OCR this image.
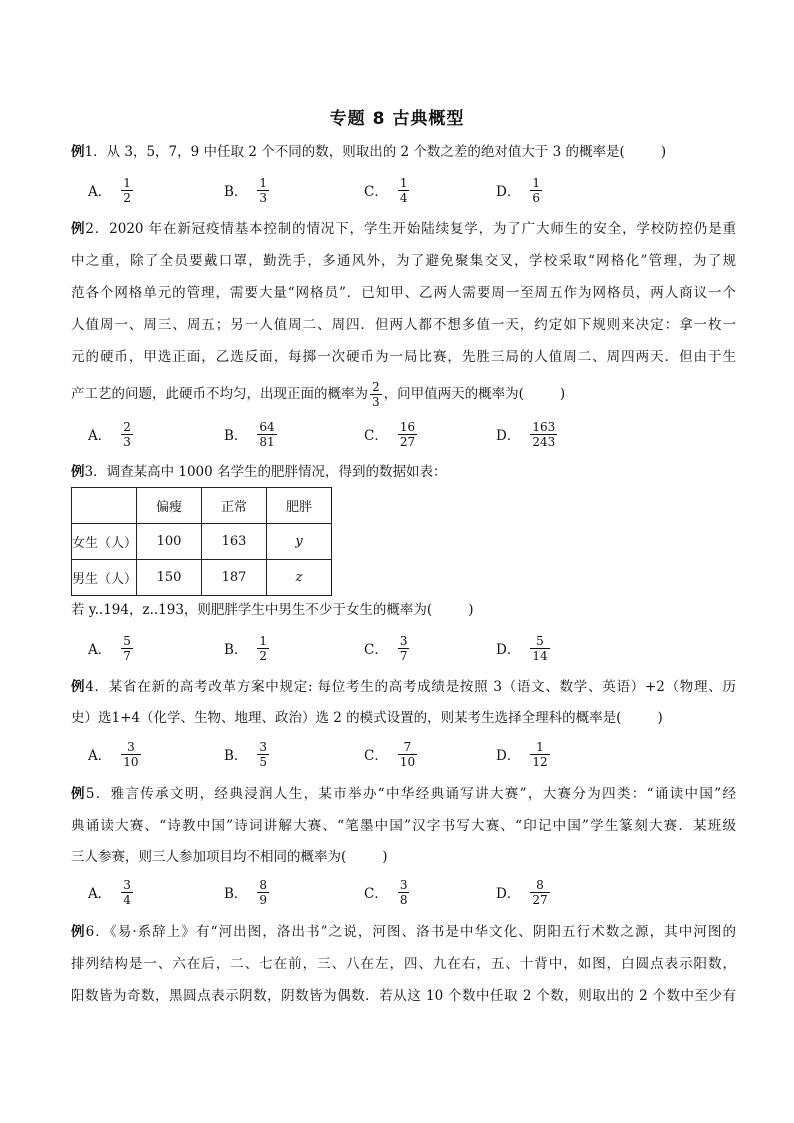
专题 8 古典概型
例1．从 3，5，7，9 中任取 2 个不同的数，则取出的 2 个数之差的绝对值大于 3 的概率是(	)
A． $\frac{1}{2}$	B． $\frac{1}{3}$	C． $\frac{1}{4}$	D． $\frac{1}{6}$
例2．2020 年在新冠疫情基本控制的情况下，学生开始陆续复学，为了广大师生的安全，学校防控仍是重
中之重，除了全员要戴口罩，勤洗手，多通风外，为了避免聚集交叉，学校采取“网格化”管理，为了规
范各个网格单元的管理，需要大量“网格员”．已知甲、乙两人需要周一至周五作为网格员，两人商议一个
人值周一、周三、周五；另一人值周二、周四．但两人都不想多值一天，约定如下规则来决定：拿一枚一
元的硬币，甲选正面，乙选反面，每掷一次硬币为一局比赛，先胜三局的人值周二、周四两天．但由于生
产工艺的问题，此硬币不均匀，出现正面的概率为 $\frac{2}{3}$ ，问甲值两天的概率为(	)
A． $\frac{2}{3}$	B． $\frac{64}{81}$	C． $\frac{16}{27}$	D． $\frac{163}{243}$
例3．调查某高中 1000 名学生的肥胖情况，得到的数据如表：
	偏瘦	正常	肥胖
女生（人）	100	163	y
男生（人）	150	187	z
若 y..194，z..193，则肥胖学生中男生不少于女生的概率为(	)
A． $\frac{5}{7}$	B． $\frac{1}{2}$	C． $\frac{3}{7}$	D． $\frac{5}{14}$
例4．某省在新的高考改革方案中规定: 每位考生的高考成绩是按照 3（语文、数学、英语）+2（物理、历
史）选1+4（化学、生物、地理、政治）选 2 的模式设置的，则某考生选择全理科的概率是(	)
A． $\frac{3}{10}$	B． $\frac{3}{5}$	C． $\frac{7}{10}$	D． $\frac{1}{12}$
例5．雅言传承文明，经典浸润人生，某市举办“中华经典诵写讲大赛”，大赛分为四类：“诵读中国”经
典诵读大赛、“诗教中国”诗词讲解大赛、“笔墨中国”汉字书写大赛、“印记中国”学生篆刻大赛．某班级
三人参赛，则三人参加项目均不相同的概率为(	)
A． $\frac{3}{4}$	B． $\frac{8}{9}$	C． $\frac{3}{8}$	D． $\frac{8}{27}$
例6．《易·系辞上》有“河出图，洛出书”之说，河图、洛书是中华文化、阴阳五行术数之源，其中河图的
排列结构是一、六在后，二、七在前，三、八在左，四、九在右，五、十背中，如图，白圆点表示阳数，
阳数皆为奇数，黑圆点表示阴数，阴数皆为偶数．若从这 10 个数中任取 2 个数，则取出的 2 个数中至少有
